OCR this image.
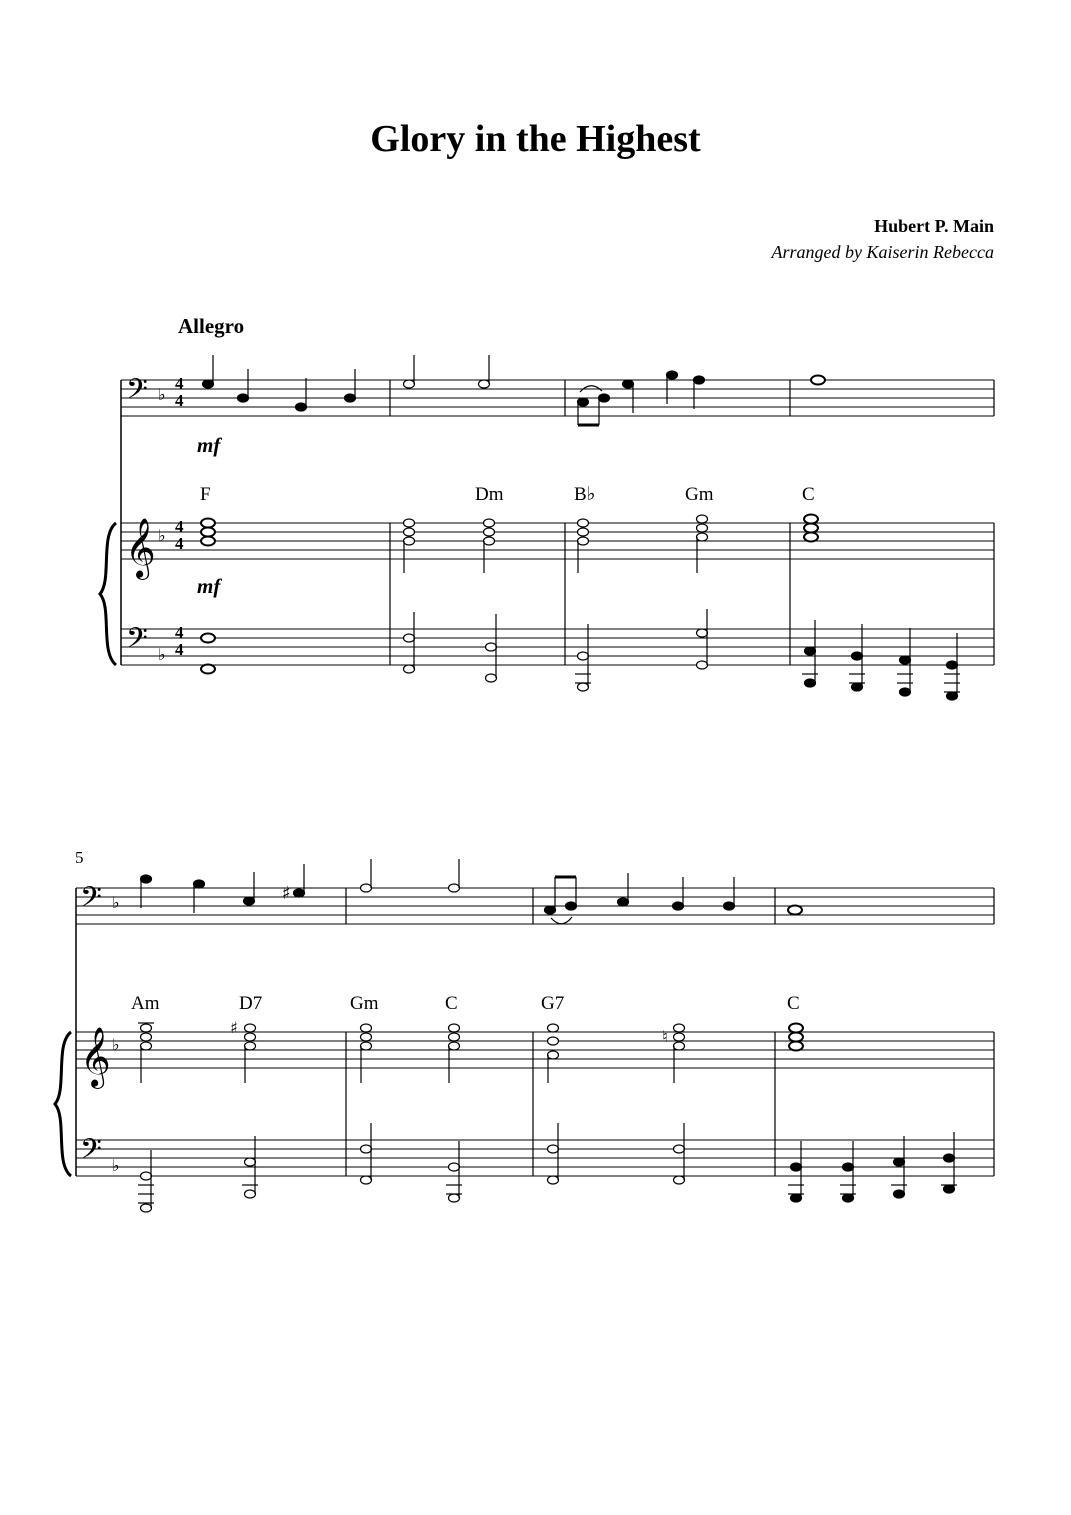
Glory in the Highest
Hubert P. Main
Arranged by Kaiserin Rebecca
Allegro
5
𝄢
𝄞
𝄢
♭
♭
♭
4
4
4
4
4
4
𝄢
𝄞
𝄢
♭
♭
♭
♯
♯	♮
mf
mf
F	Dm	B♭	Gm	C
Am	D7	Gm	C	G7	C
